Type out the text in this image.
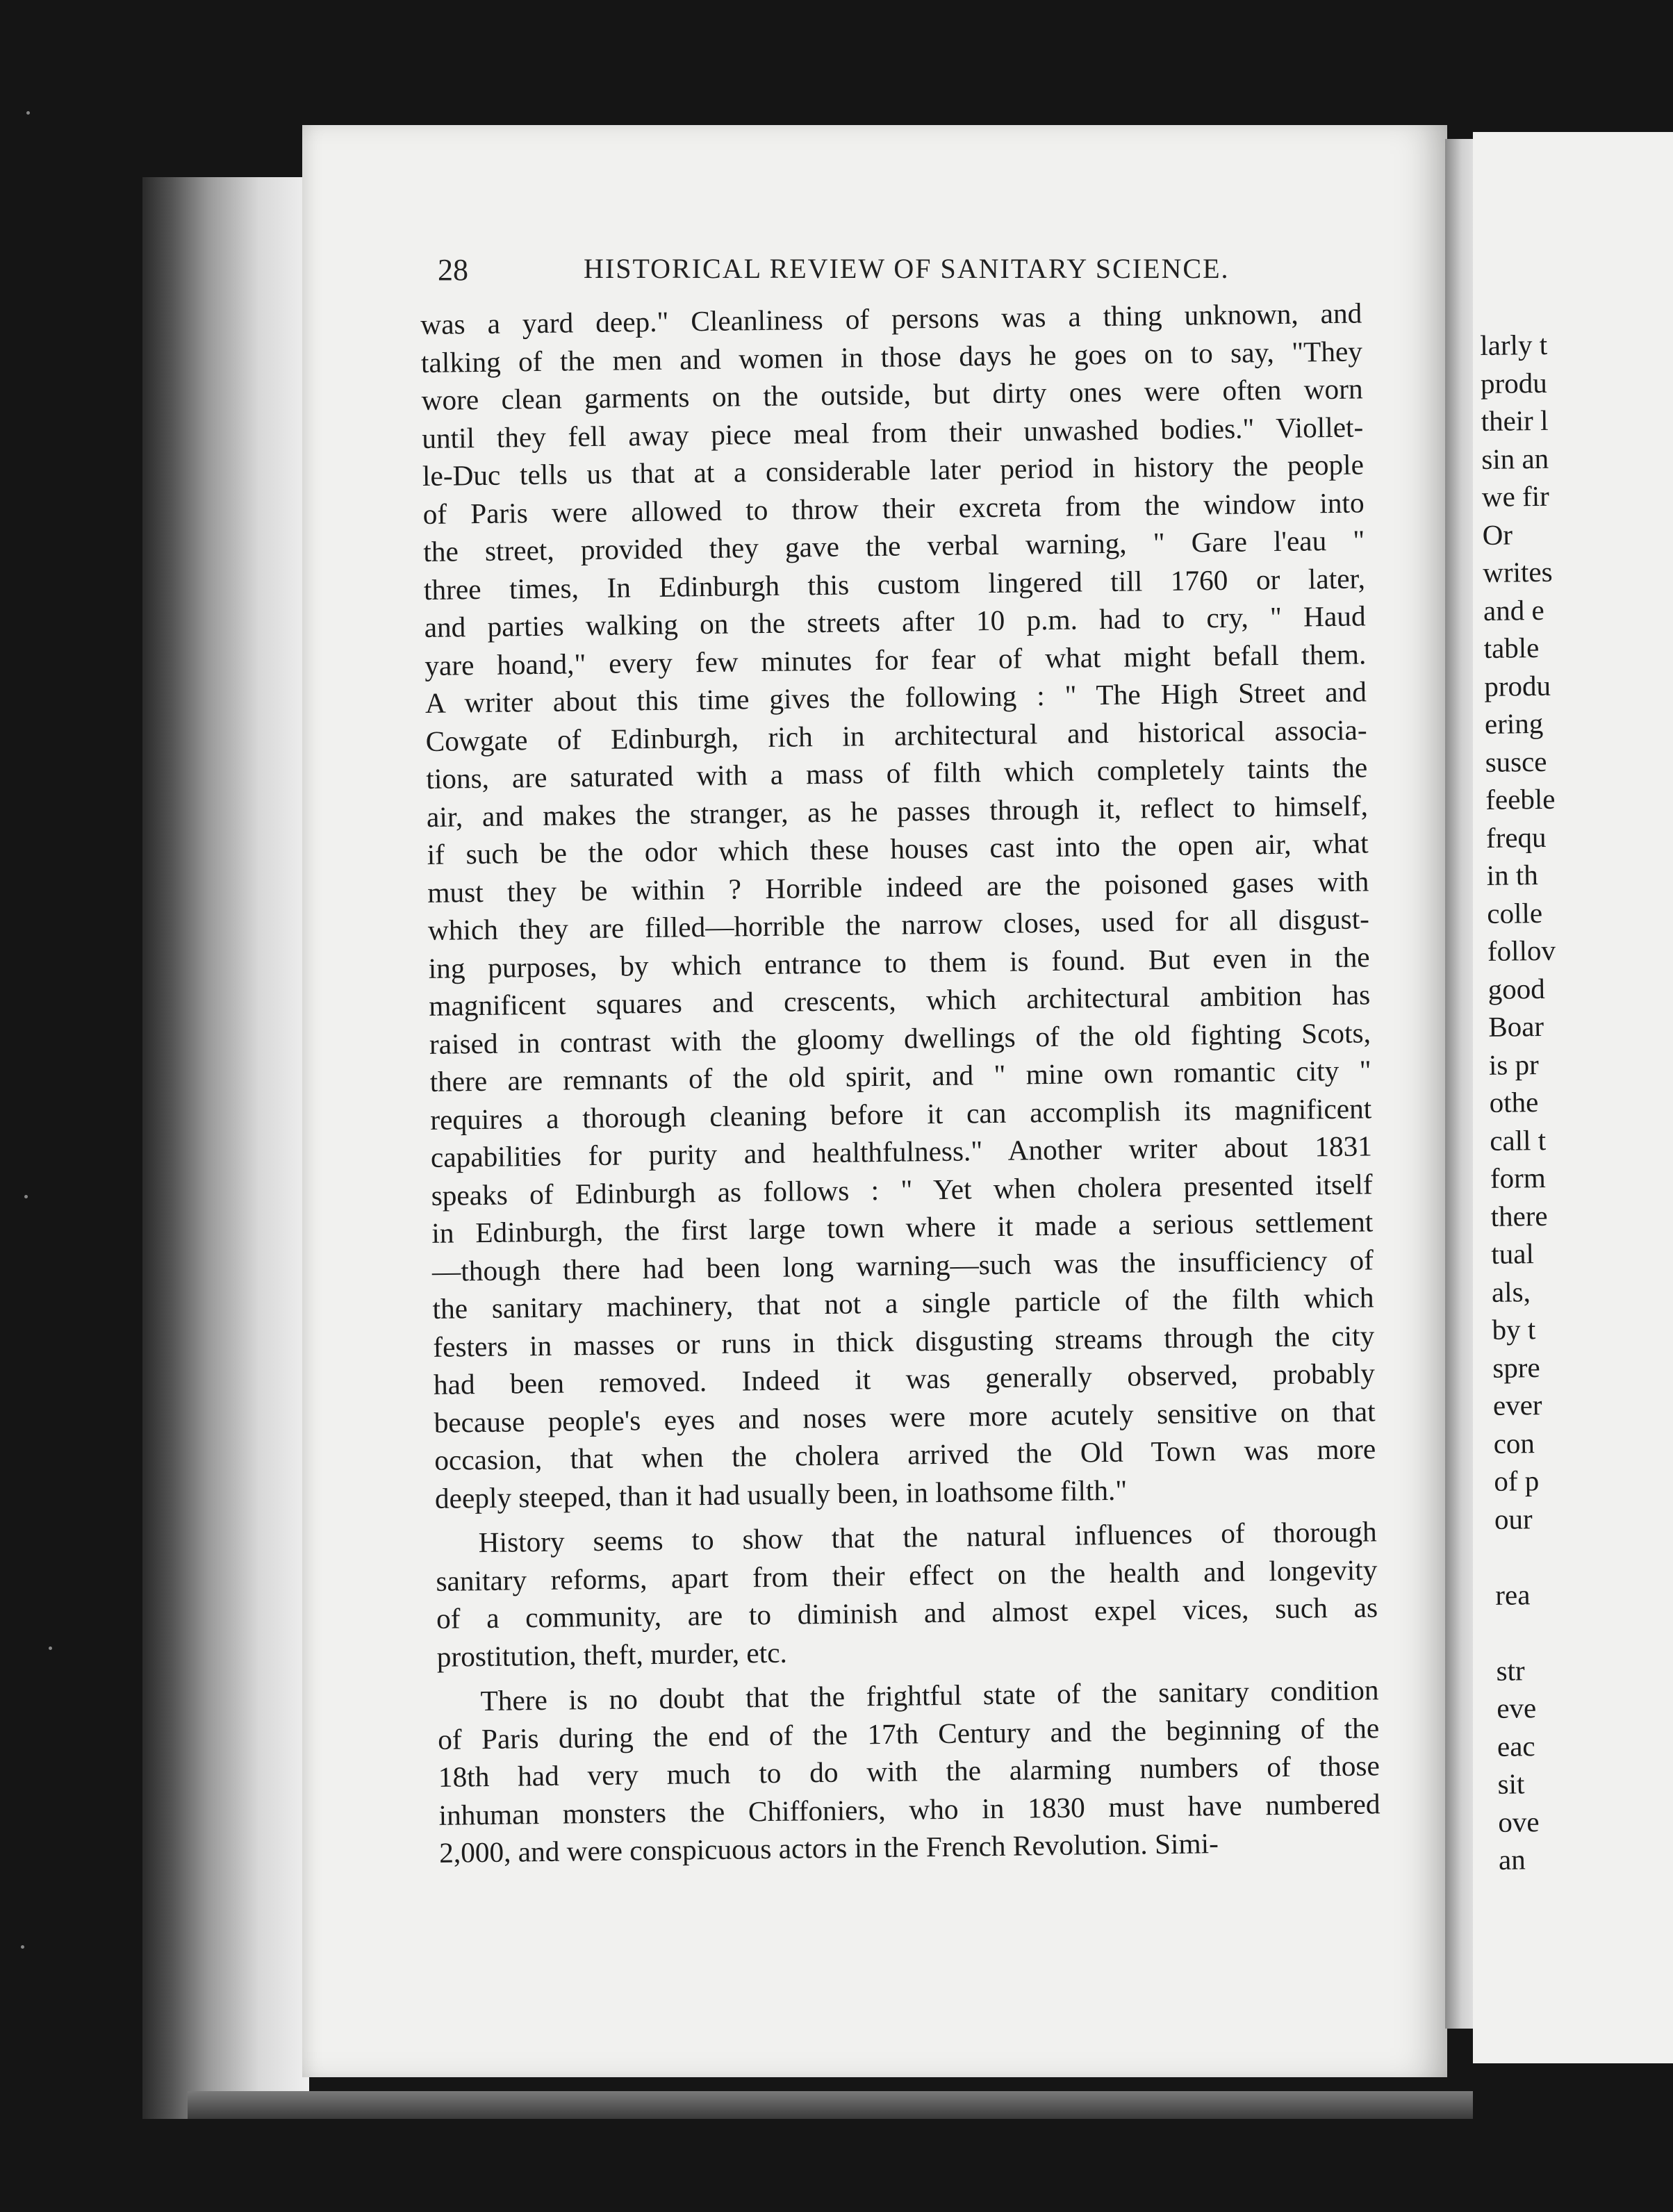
28	HISTORICAL REVIEW OF SANITARY SCIENCE.
was a yard deep." Cleanliness of persons was a thing unknown, and
talking of the men and women in those days he goes on to say, "They
wore clean garments on the outside, but dirty ones were often worn
until they fell away piece meal from their unwashed bodies." Viollet-
le-Duc tells us that at a considerable later period in history the people
of Paris were allowed to throw their excreta from the window into
the street, provided they gave the verbal warning, " Gare l'eau "
three times, In Edinburgh this custom lingered till 1760 or later,
and parties walking on the streets after 10 p.m. had to cry, " Haud
yare hoand," every few minutes for fear of what might befall them.
A writer about this time gives the following : " The High Street and
Cowgate of Edinburgh, rich in architectural and historical associa-
tions, are saturated with a mass of filth which completely taints the
air, and makes the stranger, as he passes through it, reflect to himself,
if such be the odor which these houses cast into the open air, what
must they be within ? Horrible indeed are the poisoned gases with
which they are filled—horrible the narrow closes, used for all disgust-
ing purposes, by which entrance to them is found. But even in the
magnificent squares and crescents, which architectural ambition has
raised in contrast with the gloomy dwellings of the old fighting Scots,
there are remnants of the old spirit, and " mine own romantic city "
requires a thorough cleaning before it can accomplish its magnificent
capabilities for purity and healthfulness." Another writer about 1831
speaks of Edinburgh as follows : " Yet when cholera presented itself
in Edinburgh, the first large town where it made a serious settlement
—though there had been long warning—such was the insufficiency of
the sanitary machinery, that not a single particle of the filth which
festers in masses or runs in thick disgusting streams through the city
had been removed. Indeed it was generally observed, probably
because people's eyes and noses were more acutely sensitive on that
occasion, that when the cholera arrived the Old Town was more
deeply steeped, than it had usually been, in loathsome filth."
History seems to show that the natural influences of thorough
sanitary reforms, apart from their effect on the health and longevity
of a community, are to diminish and almost expel vices, such as
prostitution, theft, murder, etc.
There is no doubt that the frightful state of the sanitary condition
of Paris during the end of the 17th Century and the beginning of the
18th had very much to do with the alarming numbers of those
inhuman monsters the Chiffoniers, who in 1830 must have numbered
2,000, and were conspicuous actors in the French Revolution. Simi-
larly t
produ
their l
sin an
we fir
Or
writes
and e
table
produ
ering
susce
feeble
frequ
in th
colle
follov
good
Boar
is pr
othe
call t
form
there
tual
als,
by t
spre
ever
con
of p
our
rea
str
eve
eac
sit
ove
an
